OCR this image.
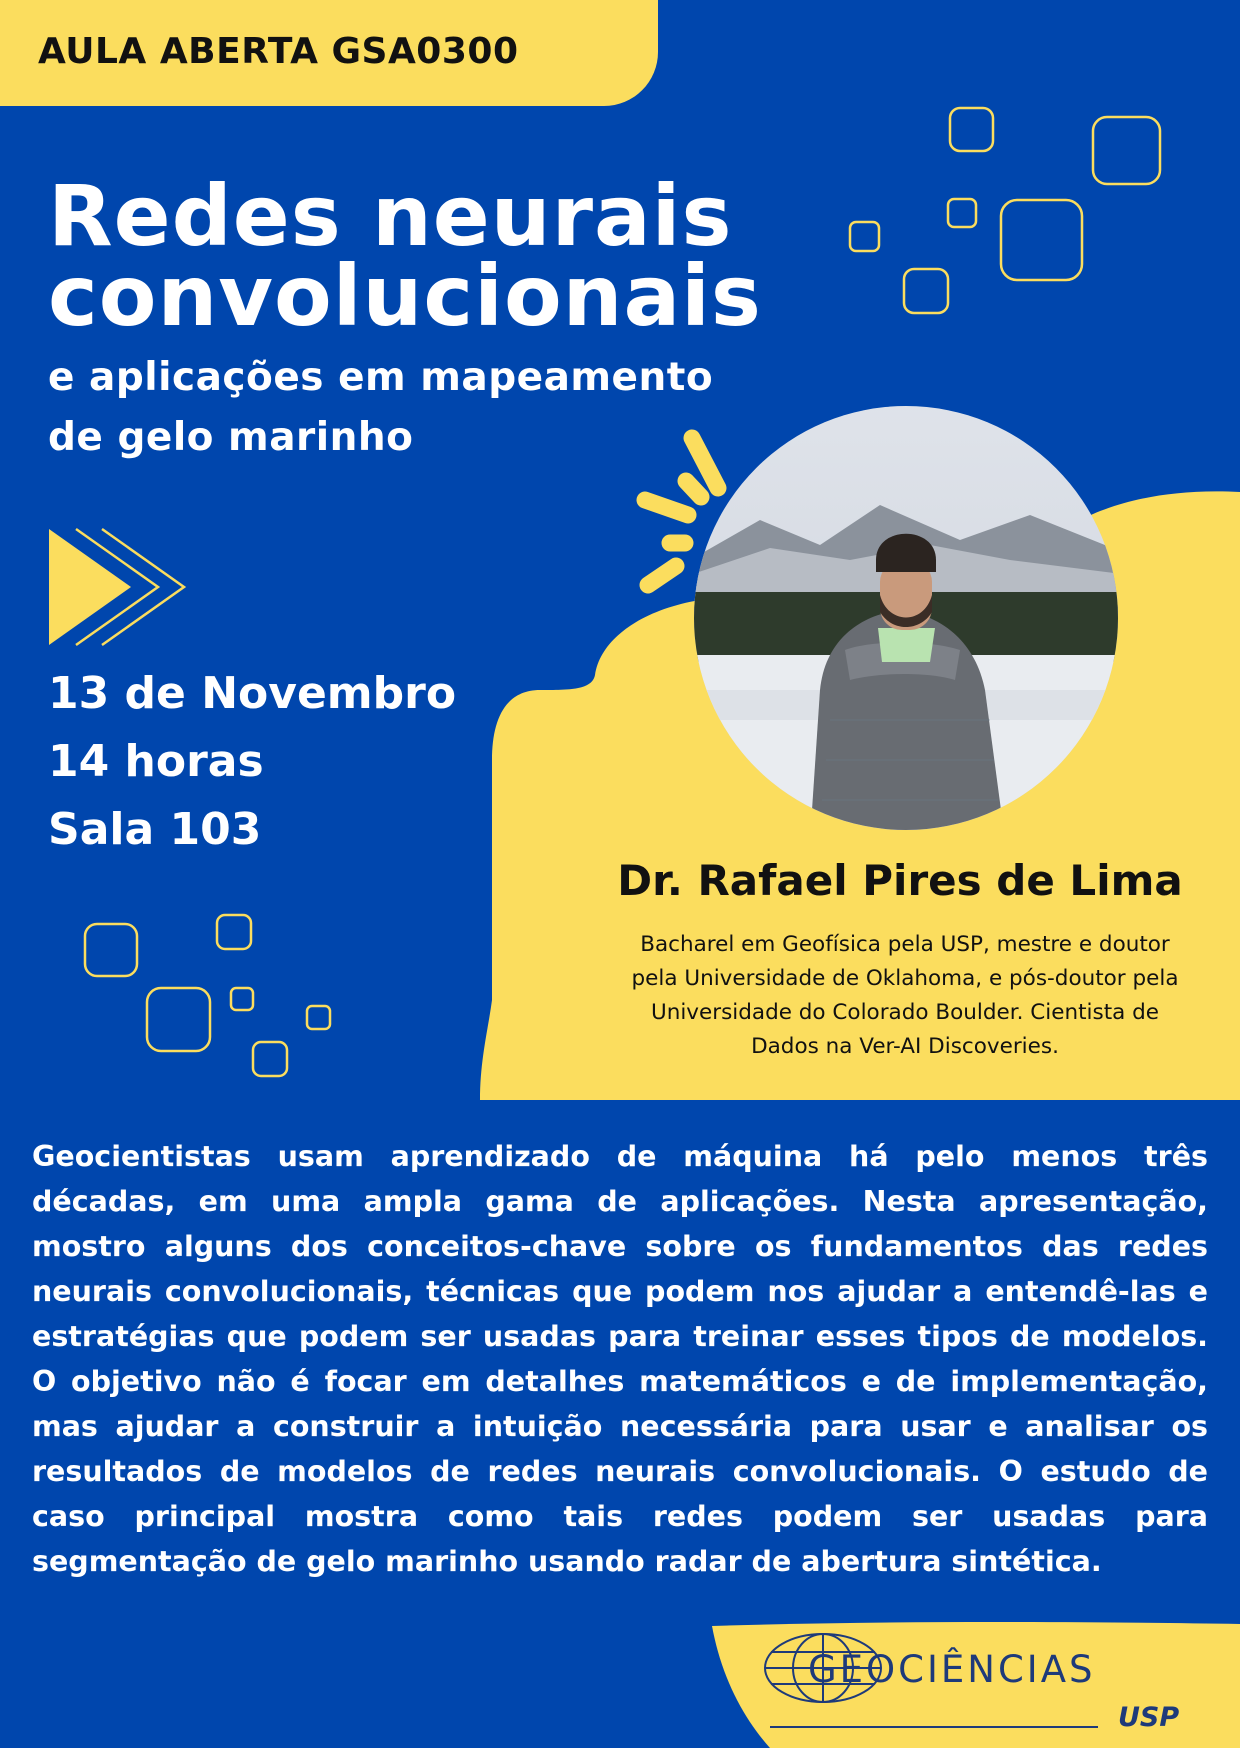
AULA ABERTA GSA0300
Redes neurais
convolucionais
e aplicações em mapeamento
de gelo marinho
13 de Novembro
14 horas
Sala 103
Dr. Rafael Pires de Lima
Bacharel em Geofísica pela USP, mestre e doutor
pela Universidade de Oklahoma, e pós-doutor pela
Universidade do Colorado Boulder. Cientista de
Dados na Ver-AI Discoveries.
Geocientistas usam aprendizado de máquina há pelo menos três décadas, em uma ampla gama de aplicações. Nesta apresentação, mostro alguns dos conceitos-chave sobre os fundamentos das redes neurais convolucionais, técnicas que podem nos ajudar a entendê-las e estratégias que podem ser usadas para treinar esses tipos de modelos. O objetivo não é focar em detalhes matemáticos e de implementação, mas ajudar a construir a intuição necessária para usar e analisar os resultados de modelos de redes neurais convolucionais. O estudo de caso principal mostra como tais redes podem ser usadas para segmentação de gelo marinho usando radar de abertura sintética.
GEOCIÊNCIAS
USP
